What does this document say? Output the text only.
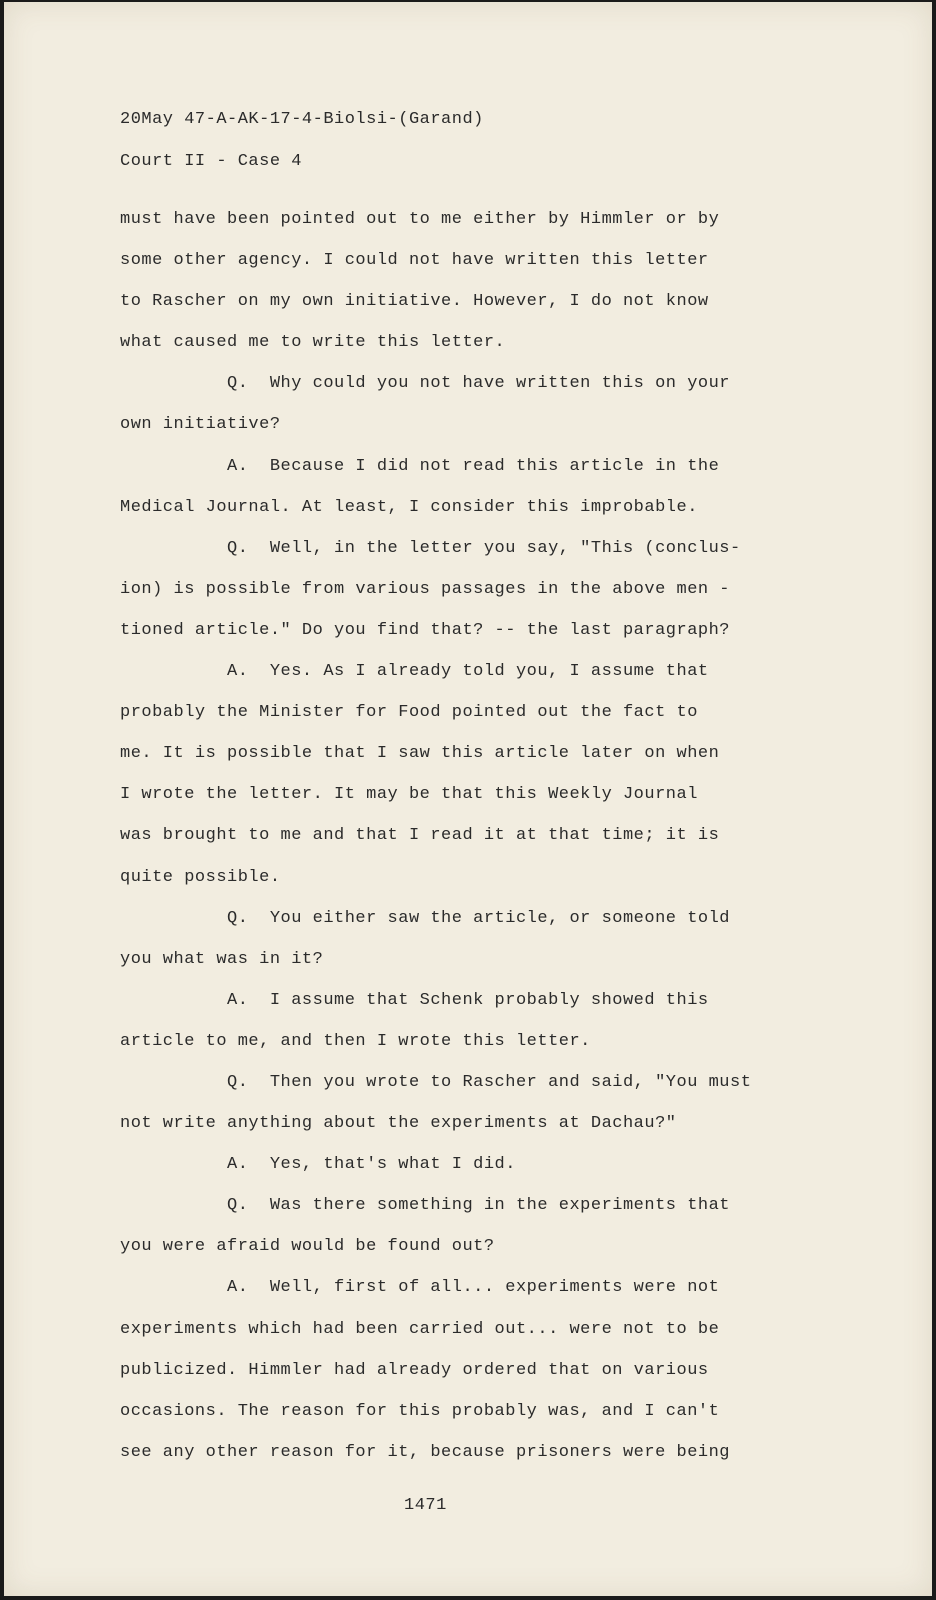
20May 47-A-AK-17-4-Biolsi-(Garand)
Court II - Case 4
must have been pointed out to me either by Himmler or by
some other agency. I could not have written this letter
to Rascher on my own initiative. However, I do not know
what caused me to write this letter.
Q.  Why could you not have written this on your
own initiative?
A.  Because I did not read this article in the
Medical Journal. At least, I consider this improbable.
Q.  Well, in the letter you say, "This (conclus-
ion) is possible from various passages in the above men -
tioned article." Do you find that? -- the last paragraph?
A.  Yes. As I already told you, I assume that
probably the Minister for Food pointed out the fact to
me. It is possible that I saw this article later on when
I wrote the letter. It may be that this Weekly Journal
was brought to me and that I read it at that time; it is
quite possible.
Q.  You either saw the article, or someone told
you what was in it?
A.  I assume that Schenk probably showed this
article to me, and then I wrote this letter.
Q.  Then you wrote to Rascher and said, "You must
not write anything about the experiments at Dachau?"
A.  Yes, that's what I did.
Q.  Was there something in the experiments that
you were afraid would be found out?
A.  Well, first of all... experiments were not
experiments which had been carried out... were not to be
publicized. Himmler had already ordered that on various
occasions. The reason for this probably was, and I can't
see any other reason for it, because prisoners were being
1471
